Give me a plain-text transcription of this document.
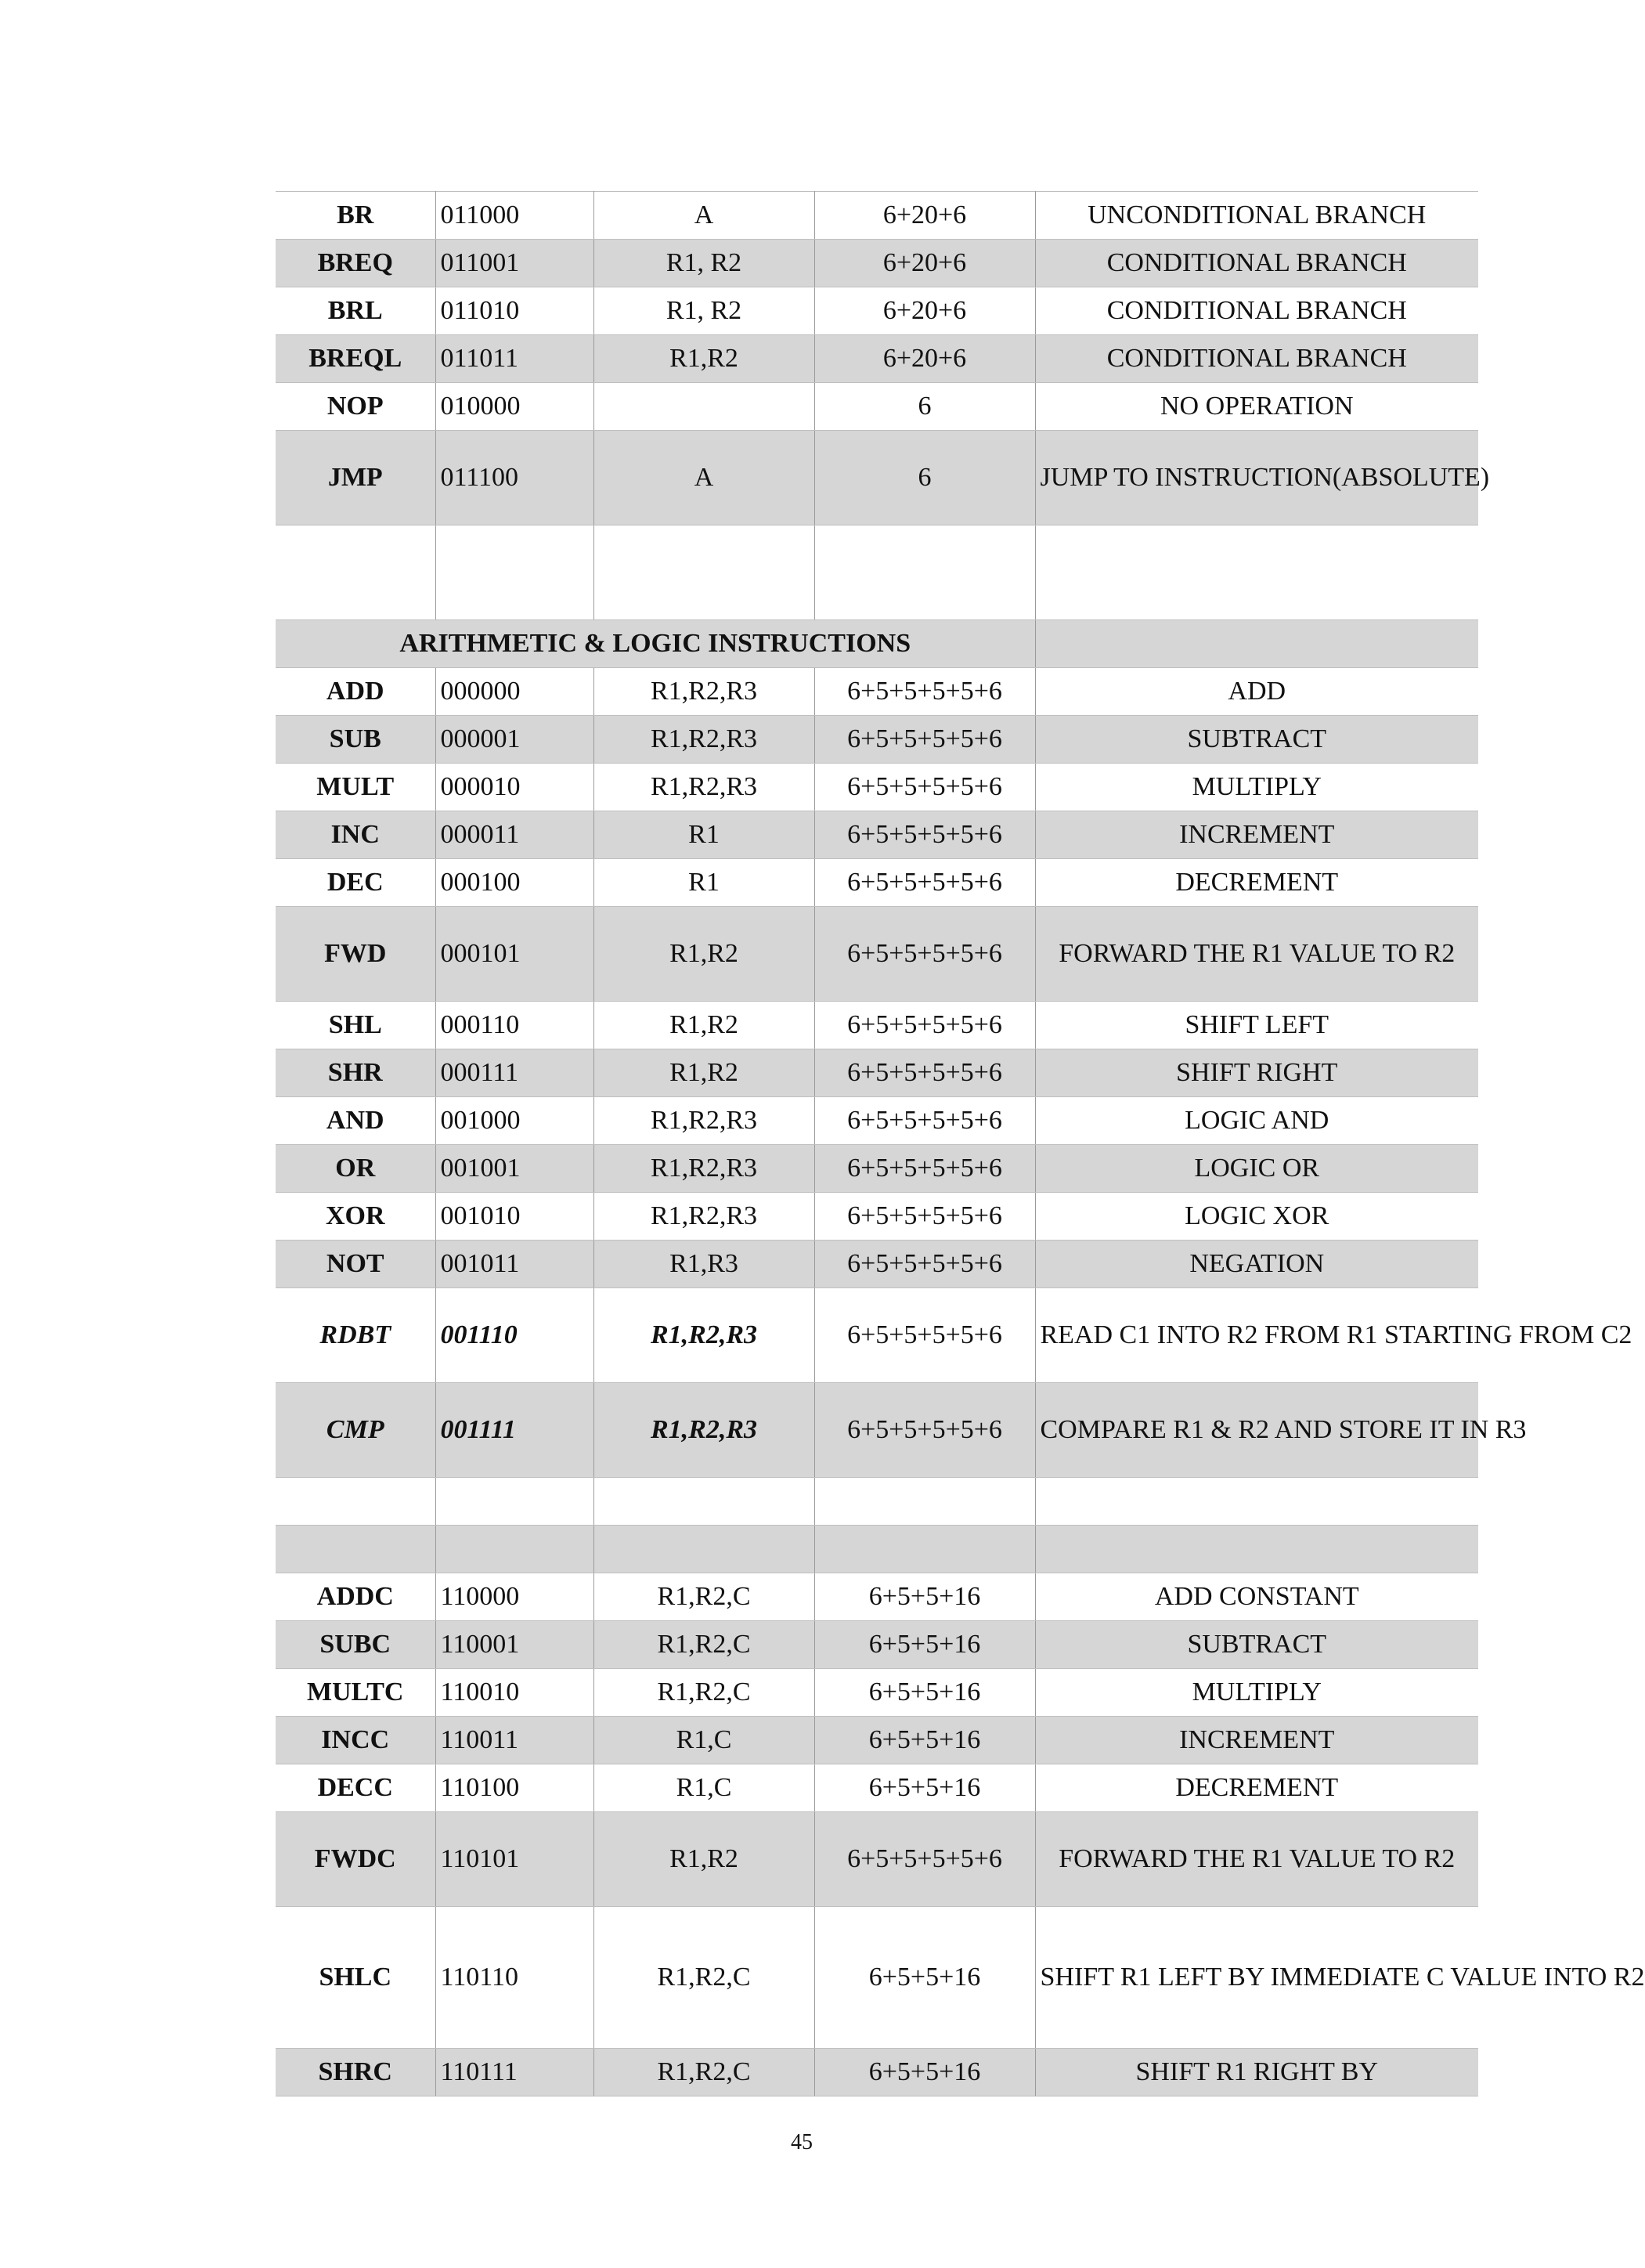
BR	011000	A	6+20+6	UNCONDITIONAL BRANCH
BREQ	011001	R1, R2	6+20+6	CONDITIONAL BRANCH
BRL	011010	R1, R2	6+20+6	CONDITIONAL BRANCH
BREQL	011011	R1,R2	6+20+6	CONDITIONAL BRANCH
NOP	010000		6	NO OPERATION
JMP	011100	A	6	JUMP TO INSTRUCTION(ABSOLUTE)

ARITHMETIC & LOGIC INSTRUCTIONS				
ADD	000000	R1,R2,R3	6+5+5+5+5+6	ADD
SUB	000001	R1,R2,R3	6+5+5+5+5+6	SUBTRACT
MULT	000010	R1,R2,R3	6+5+5+5+5+6	MULTIPLY
INC	000011	R1	6+5+5+5+5+6	INCREMENT
DEC	000100	R1	6+5+5+5+5+6	DECREMENT
FWD	000101	R1,R2	6+5+5+5+5+6	FORWARD THE R1 VALUE TO R2
SHL	000110	R1,R2	6+5+5+5+5+6	SHIFT LEFT
SHR	000111	R1,R2	6+5+5+5+5+6	SHIFT RIGHT
AND	001000	R1,R2,R3	6+5+5+5+5+6	LOGIC AND
OR	001001	R1,R2,R3	6+5+5+5+5+6	LOGIC OR
XOR	001010	R1,R2,R3	6+5+5+5+5+6	LOGIC XOR
NOT	001011	R1,R3	6+5+5+5+5+6	NEGATION
RDBT	001110	R1,R2,R3	6+5+5+5+5+6	READ C1 INTO R2 FROM R1 STARTING FROM C2
CMP	001111	R1,R2,R3	6+5+5+5+5+6	COMPARE R1 & R2 AND STORE IT IN R3

ADDC	110000	R1,R2,C	6+5+5+16	ADD CONSTANT
SUBC	110001	R1,R2,C	6+5+5+16	SUBTRACT
MULTC	110010	R1,R2,C	6+5+5+16	MULTIPLY
INCC	110011	R1,C	6+5+5+16	INCREMENT
DECC	110100	R1,C	6+5+5+16	DECREMENT
FWDC	110101	R1,R2	6+5+5+5+5+6	FORWARD THE R1 VALUE TO R2
SHLC	110110	R1,R2,C	6+5+5+16	SHIFT R1 LEFT BY IMMEDIATE C VALUE INTO R2
SHRC	110111	R1,R2,C	6+5+5+16	SHIFT R1 RIGHT BY
45
